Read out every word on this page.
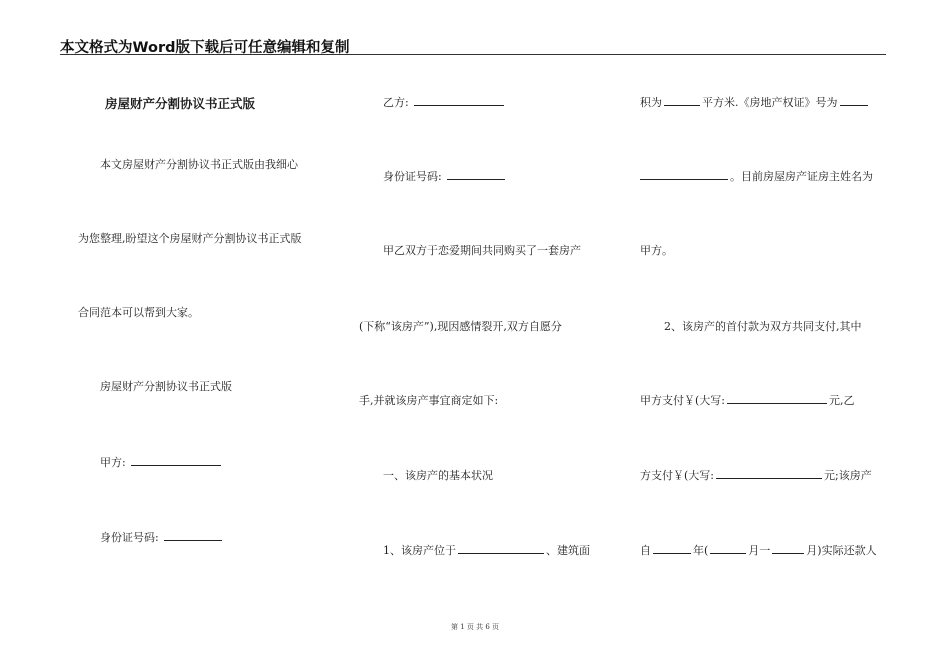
本文格式为Word版下载后可任意编辑和复制
房屋财产分割协议书正式版
本文房屋财产分割协议书正式版由我细心
为您整理,盼望这个房屋财产分割协议书正式版
合同范本可以帮到大家。
房屋财产分割协议书正式版
甲方:
身份证号码:
乙方:
身份证号码:
甲乙双方于恋爱期间共同购买了一套房产
(下称“该房产”),现因感情裂开,双方自愿分
手,并就该房产事宜商定如下:
一、该房产的基本状况
1、该房产位于	、建筑面
积为	平方米.《房地产权证》号为
。目前房屋房产证房主姓名为
甲方。
2、该房产的首付款为双方共同支付,其中
甲方支付￥(大写:	元,乙
方支付￥(大写:	元;该房产
自	年(	月一	月)实际还款人
第 1 页 共 6 页
